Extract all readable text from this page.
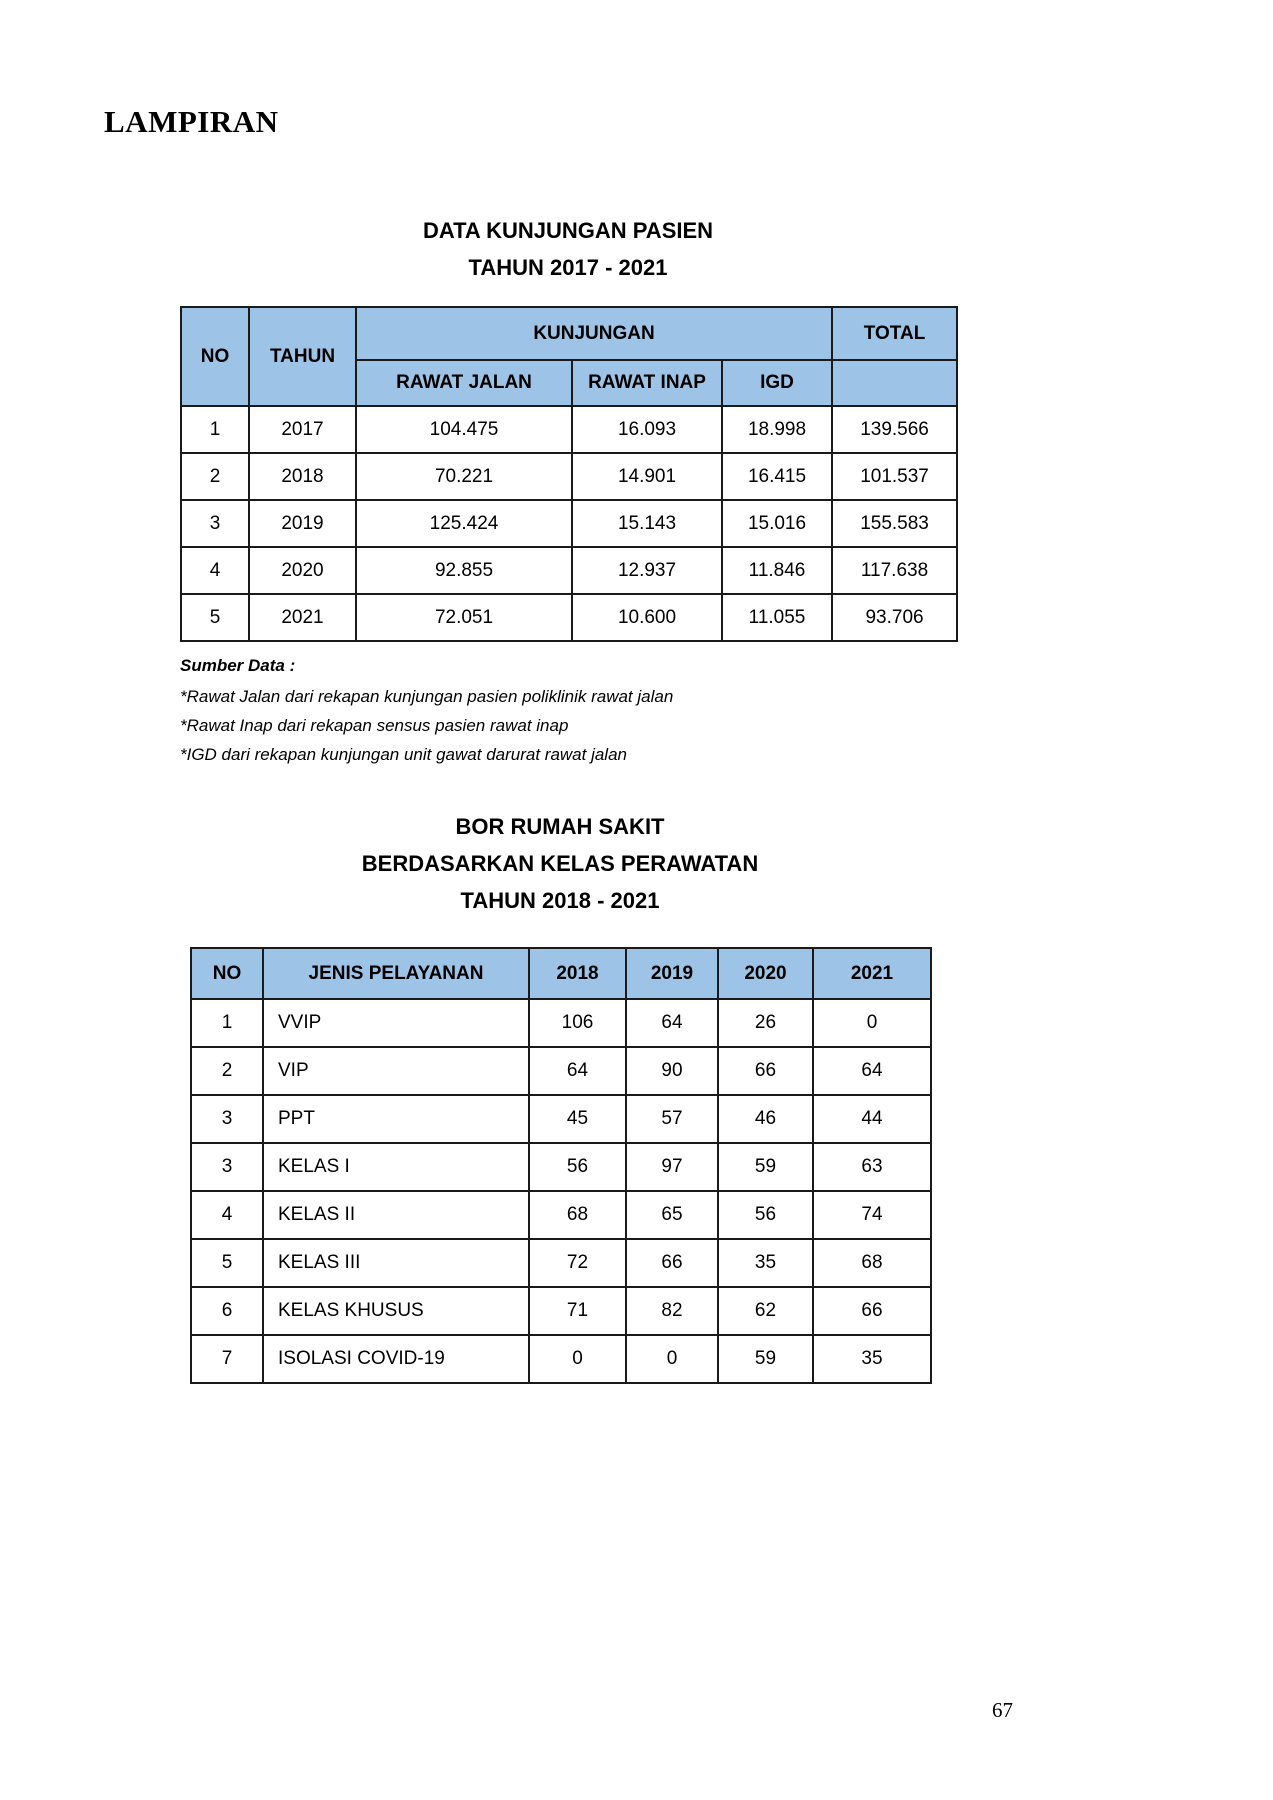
LAMPIRAN
DATA KUNJUNGAN PASIEN
TAHUN 2017 - 2021
NO	TAHUN	KUNJUNGAN			TOTAL
		RAWAT JALAN	RAWAT INAP	IGD	
1	2017	104.475	16.093	18.998	139.566
2	2018	70.221	14.901	16.415	101.537
3	2019	125.424	15.143	15.016	155.583
4	2020	92.855	12.937	11.846	117.638
5	2021	72.051	10.600	11.055	93.706
Sumber Data :
*Rawat Jalan dari rekapan kunjungan pasien poliklinik rawat jalan
*Rawat Inap dari rekapan sensus pasien rawat inap
*IGD dari rekapan kunjungan unit gawat darurat rawat jalan
BOR RUMAH SAKIT
BERDASARKAN KELAS PERAWATAN
TAHUN 2018 - 2021
NO	JENIS PELAYANAN	2018	2019	2020	2021
1	VVIP	106	64	26	0
2	VIP	64	90	66	64
3	PPT	45	57	46	44
3	KELAS I	56	97	59	63
4	KELAS II	68	65	56	74
5	KELAS III	72	66	35	68
6	KELAS KHUSUS	71	82	62	66
7	ISOLASI COVID-19	0	0	59	35
67
